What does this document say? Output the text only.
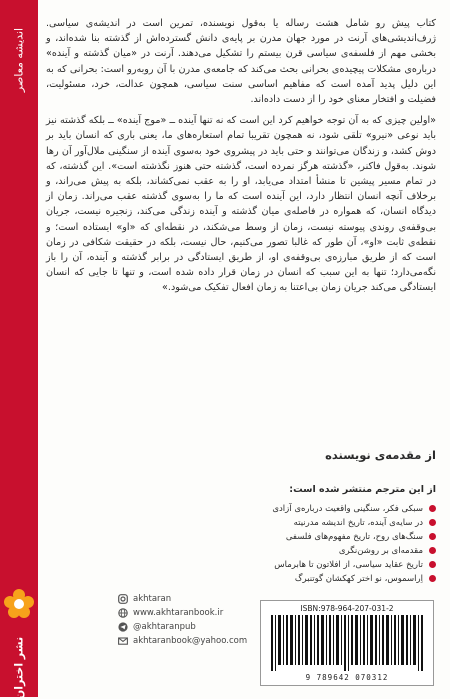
اندیشه معاصر
نشر اختران

کتاب پیش رو شامل هشت رساله یا به‌قول نویسنده، تمرین است در اندیشه‌ی سیاسی. ژرف‌اندیشی‌های آرنت در مورد جهان مدرن بر پایه‌ی دانش گسترده‌اش از گذشته بنا شده‌اند، و بخشی مهم از فلسفه‌ی سیاسی قرن بیستم را تشکیل می‌دهند. آرنت در «میان گذشته و آینده» درباره‌ی مشکلات پیچیده‌ی بحرانی بحث می‌کند که جامعه‌ی مدرن با آن روبه‌رو است: بحرانی که به این دلیل پدید آمده است که مفاهیم اساسی سنت سیاسی، همچون عدالت، خرد، مسئولیت، فضیلت و افتخار معنای خود را از دست داده‌اند.

«اولین چیزی که به آن توجه خواهیم کرد این است که نه تنها آینده ــ «موج آینده» ــ بلکه گذشته نیز باید نوعی «نیرو» تلقی شود، نه همچون تقریبا تمام استعاره‌های ما، یعنی باری که انسان باید بر دوش کشد، و زندگان می‌توانند و حتی باید در پیشروی خود به‌سوی آینده از سنگینی ملال‌آور آن رها شوند. به‌قول فاکنر، «گذشته هرگز نمرده است، گذشته حتی هنوز نگذشته است». این گذشته، که در تمام مسیر پیشین تا منشأ امتداد می‌یابد، او را به عقب نمی‌کشاند، بلکه به پیش می‌راند، و برخلاف آنچه انسان انتظار دارد، این آینده است که ما را به‌سوی گذشته عقب می‌راند. زمان از دیدگاه انسان، که همواره در فاصله‌ی میان گذشته و آینده زندگی می‌کند، زنجیره نیست، جریان بی‌وقفه‌ی روندی پیوسته نیست، زمان از وسط می‌شکند، در نقطه‌ای که «او» ایستاده است؛ و نقطه‌ی ثابت «او»، آن طور که غالبا تصور می‌کنیم، حال نیست، بلکه در حقیقت شکافی در زمان است که از طریق مبارزه‌ی بی‌وقفه‌ی او، از طریق ایستادگی در برابر گذشته و آینده، آن را باز نگه‌می‌دارد؛ تنها به این سبب که انسان در زمان قرار داده شده است، و تنها تا جایی که انسان ایستادگی می‌کند جریان زمان بی‌اعتنا به زمان افعال تفکیک می‌شود.»

از مقدمه‌ی نویسنده
از این مترجم منتشر شده است:
سبکی فکر، سنگینی واقعیت دربار‌ه‌ی آزادی
در سایه‌ی آینده، تاریخ اندیشه مدرنیته
سنگ‌های روح، تاریخ مفهوم‌های فلسفی
مقدمه‌ای بر روشن‌نگری
تاریخ عقاید سیاسی، از افلاتون تا هابرماس
اِراسموس، نو اختر کهکشان گوتنبرگ
akhtaran
www.akhtaranbook.ir
@akhtaranpub
akhtaranbook@yahoo.com
ISBN:978-964-207-031-2
9 789642 070312
